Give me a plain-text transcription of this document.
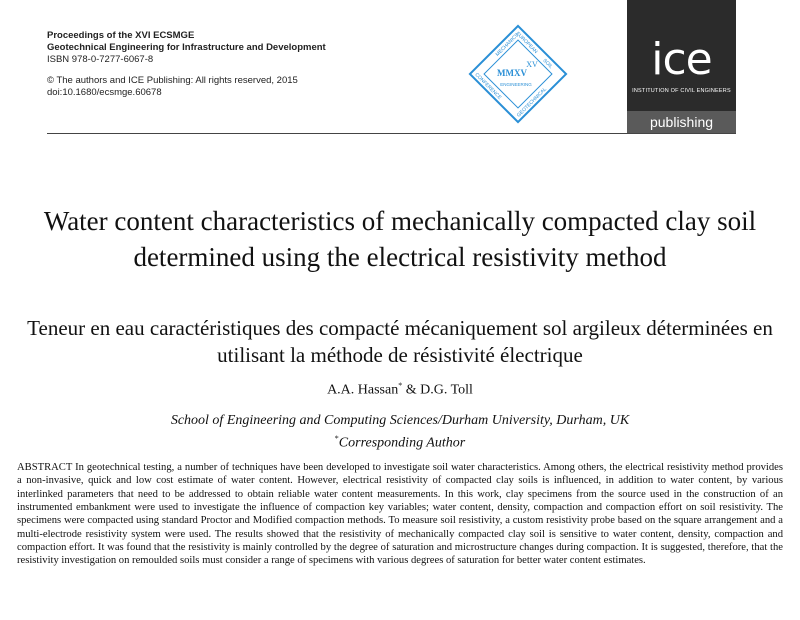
Proceedings of the XVI ECSMGE
Geotechnical Engineering for Infrastructure and Development
ISBN 978-0-7277-6067-8
© The authors and ICE Publishing: All rights reserved, 2015
doi:10.1680/ecsmge.60678
EUROPEAN
SOIL
CONFERENCE
MECHANICS
GEOTECHNICAL
MMXV
XV
ENGINEERING	ice
INSTITUTION OF CIVIL ENGINEERS
publishing
Water content characteristics of mechanically compacted clay soil determined using the electrical resistivity method
Teneur en eau caractéristiques des compacté mécaniquement sol argileux déterminées en utilisant la méthode de résistivité électrique
A.A. Hassan* & D.G. Toll
School of Engineering and Computing Sciences/Durham University, Durham, UK
*Corresponding Author
ABSTRACT In geotechnical testing, a number of techniques have been developed to investigate soil water characteristics. Among others, the electrical resistivity method provides a non-invasive, quick and low cost estimate of water content. However, electrical resistivity of compacted clay soils is influenced, in addition to water content, by various interlinked parameters that need to be addressed to obtain reliable water content measurements. In this work, clay specimens from the source used in the construction of an instrumented embankment were used to investigate the influence of compaction key variables; water content, density, compaction and compaction effort on soil resistivity. The specimens were compacted using standard Proctor and Modified compaction methods. To measure soil resistivity, a custom resistivity probe based on the square arrangement and a multi-electrode resistivity system were used. The results showed that the resistivity of mechanically compacted clay soil is sensitive to water content, density, compaction and compaction effort. It was found that the resistivity is mainly controlled by the degree of saturation and microstructure changes during compaction. It is suggested, therefore, that the resistivity investigation on remoulded soils must consider a range of specimens with various degrees of saturation for better water content estimates.
